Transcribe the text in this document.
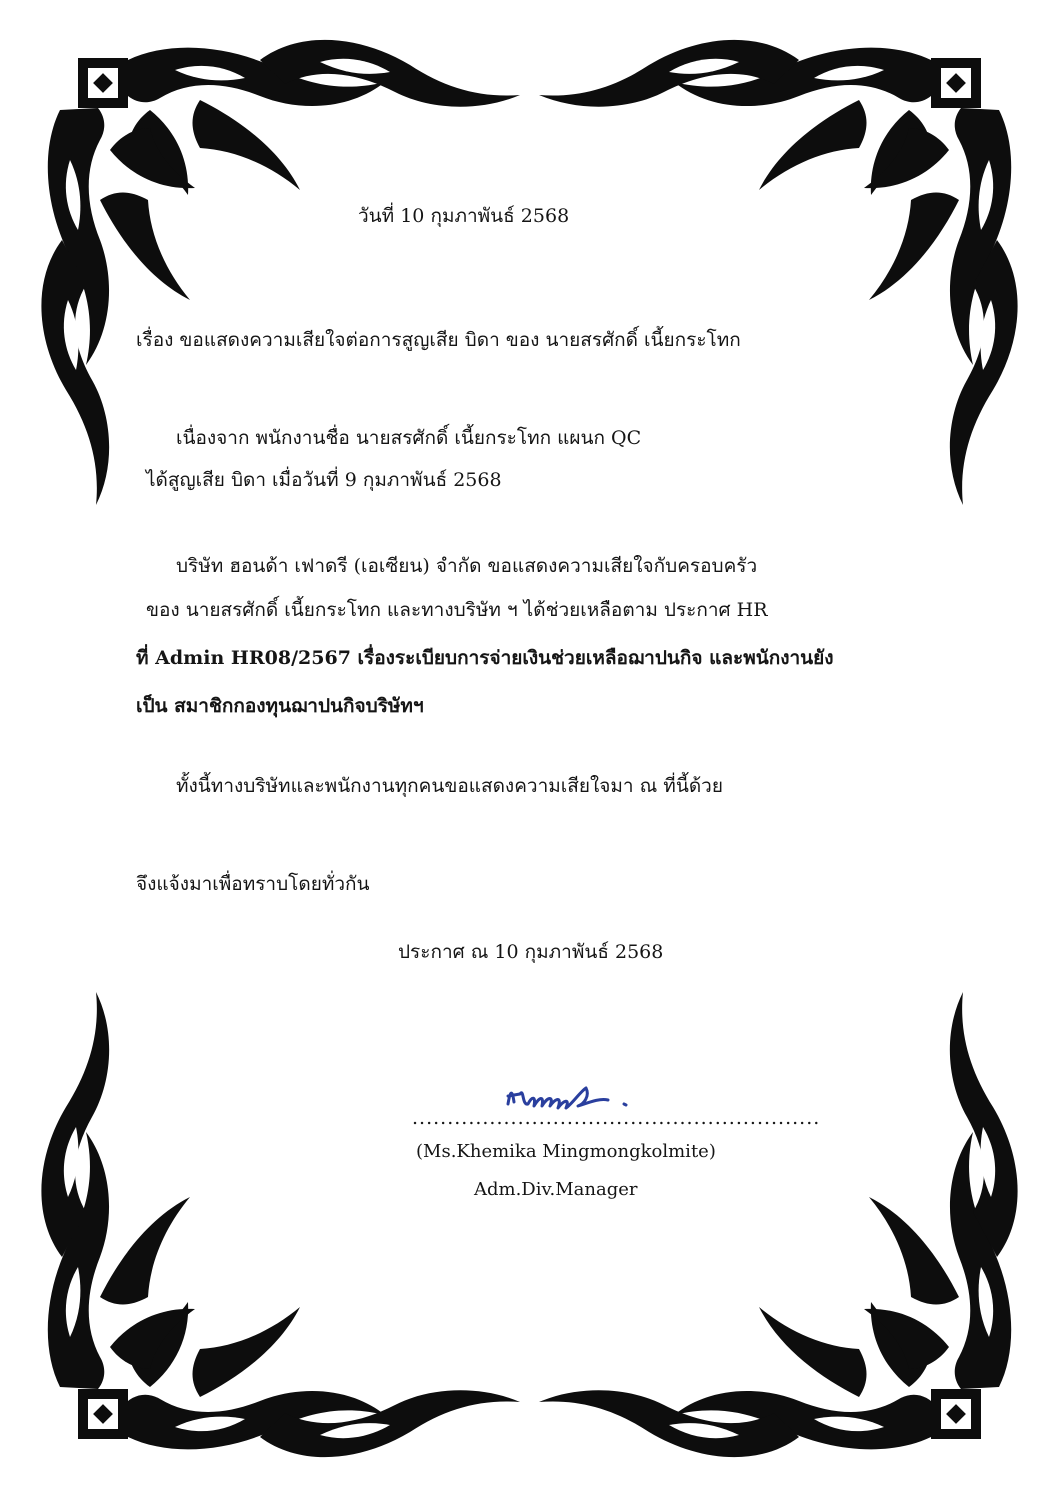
วันที่ 10 กุมภาพันธ์ 2568
เรื่อง ขอแสดงความเสียใจต่อการสูญเสีย บิดา ของ นายสรศักดิ์ เนี้ยกระโทก
เนื่องจาก พนักงานชื่อ นายสรศักดิ์ เนี้ยกระโทก แผนก QC
ได้สูญเสีย บิดา เมื่อวันที่ 9 กุมภาพันธ์ 2568
บริษัท ฮอนด้า เฟาดรี (เอเซียน) จำกัด ขอแสดงความเสียใจกับครอบครัว
ของ นายสรศักดิ์ เนี้ยกระโทก และทางบริษัท ฯ ได้ช่วยเหลือตาม ประกาศ HR
ที่ Admin HR08/2567 เรื่องระเบียบการจ่ายเงินช่วยเหลือฌาปนกิจ และพนักงานยัง
เป็น สมาชิกกองทุนฌาปนกิจบริษัทฯ
ทั้งนี้ทางบริษัทและพนักงานทุกคนขอแสดงความเสียใจมา ณ ที่นี้ด้วย
จึงแจ้งมาเพื่อทราบโดยทั่วกัน
ประกาศ ณ 10 กุมภาพันธ์ 2568
..........................................................
(Ms.Khemika Mingmongkolmite)
Adm.Div.Manager
